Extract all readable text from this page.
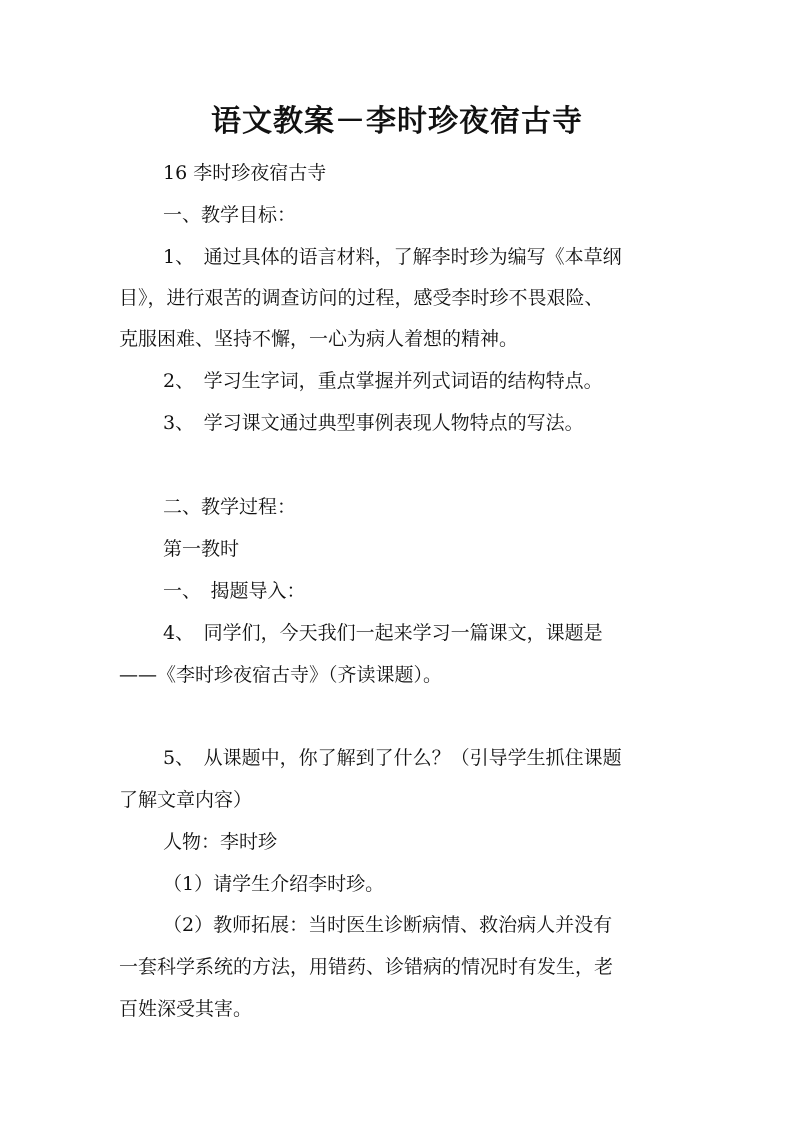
语文教案－李时珍夜宿古寺
16 李时珍夜宿古寺
一、教学目标：
1、　通过具体的语言材料，了解李时珍为编写《本草纲
目》，进行艰苦的调查访问的过程，感受李时珍不畏艰险、
克服困难、坚持不懈，一心为病人着想的精神。
2、　学习生字词，重点掌握并列式词语的结构特点。
3、　学习课文通过典型事例表现人物特点的写法。
二、教学过程：
第一教时
一、　揭题导入：
4、　同学们，今天我们一起来学习一篇课文，课题是
——《李时珍夜宿古寺》（齐读课题）。
5、　从课题中，你了解到了什么？（引导学生抓住课题
了解文章内容）
人物：李时珍
（1）请学生介绍李时珍。
（2）教师拓展：当时医生诊断病情、救治病人并没有
一套科学系统的方法，用错药、诊错病的情况时有发生，老
百姓深受其害。
